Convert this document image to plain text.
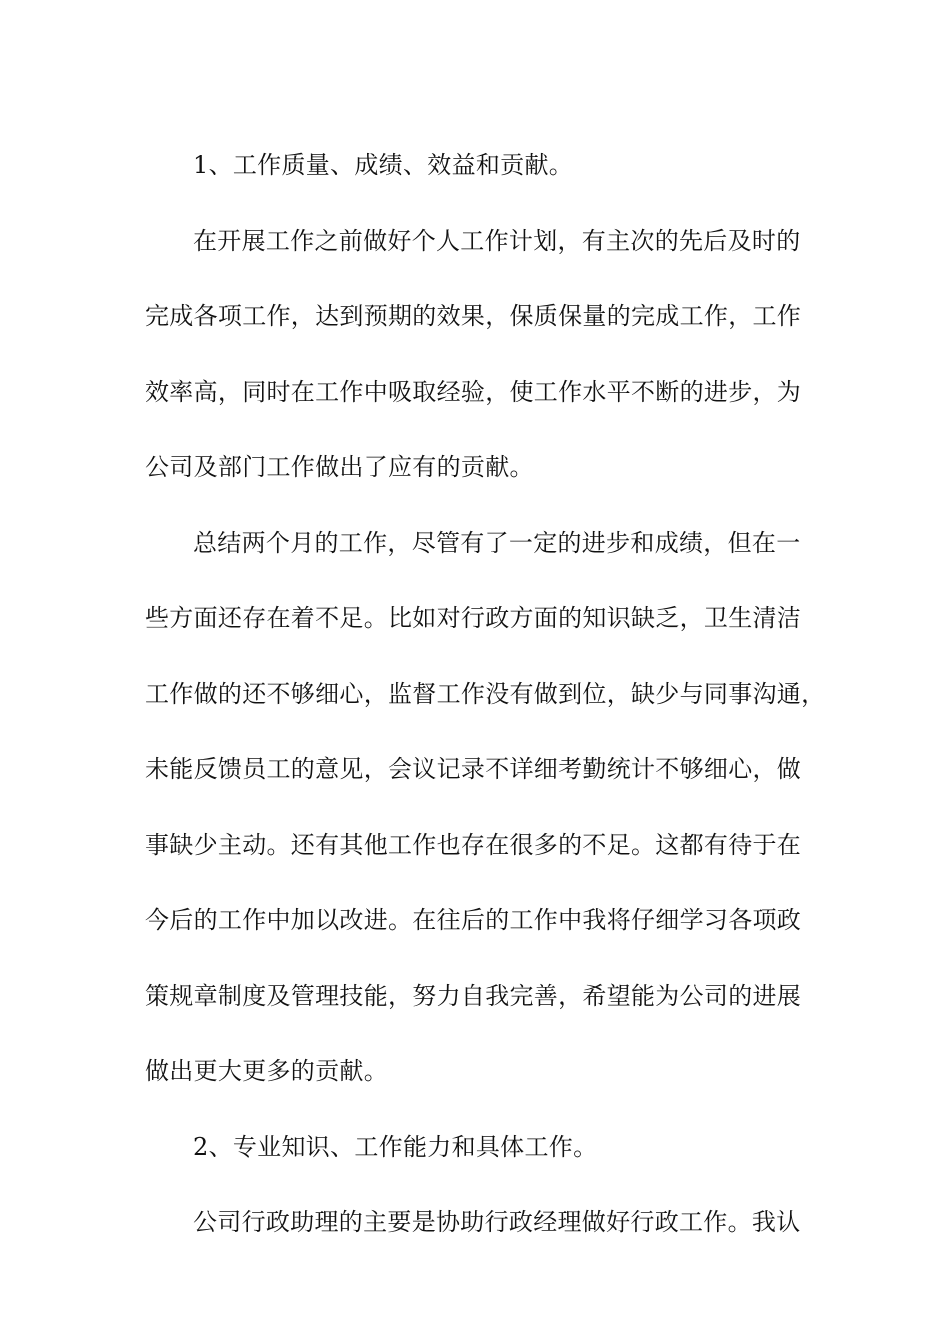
1、工作质量、成绩、效益和贡献。

在开展工作之前做好个人工作计划，有主次的先后及时的
完成各项工作，达到预期的效果，保质保量的完成工作，工作
效率高，同时在工作中吸取经验，使工作水平不断的进步，为
公司及部门工作做出了应有的贡献。

总结两个月的工作，尽管有了一定的进步和成绩，但在一
些方面还存在着不足。比如对行政方面的知识缺乏，卫生清洁
工作做的还不够细心，监督工作没有做到位，缺少与同事沟通，
未能反馈员工的意见，会议记录不详细考勤统计不够细心，做
事缺少主动。还有其他工作也存在很多的不足。这都有待于在
今后的工作中加以改进。在往后的工作中我将仔细学习各项政
策规章制度及管理技能，努力自我完善，希望能为公司的进展
做出更大更多的贡献。

2、专业知识、工作能力和具体工作。

公司行政助理的主要是协助行政经理做好行政工作。我认
